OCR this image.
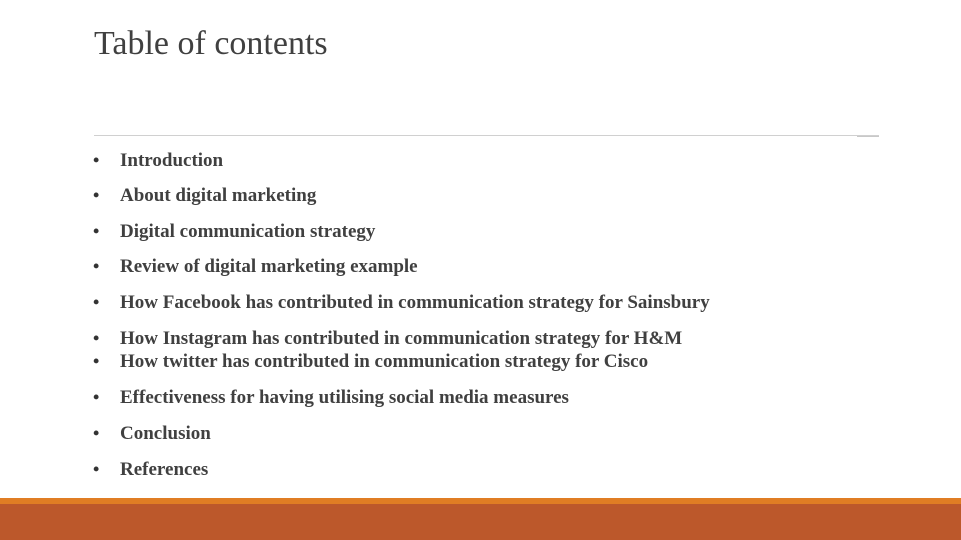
Table of contents
• Introduction
• About digital marketing
• Digital communication strategy
• Review of digital marketing example
• How Facebook has contributed in communication strategy for Sainsbury
• How Instagram has contributed in communication strategy for H&M
• How twitter has contributed in communication strategy for Cisco
• Effectiveness for having utilising social media measures
• Conclusion
• References
